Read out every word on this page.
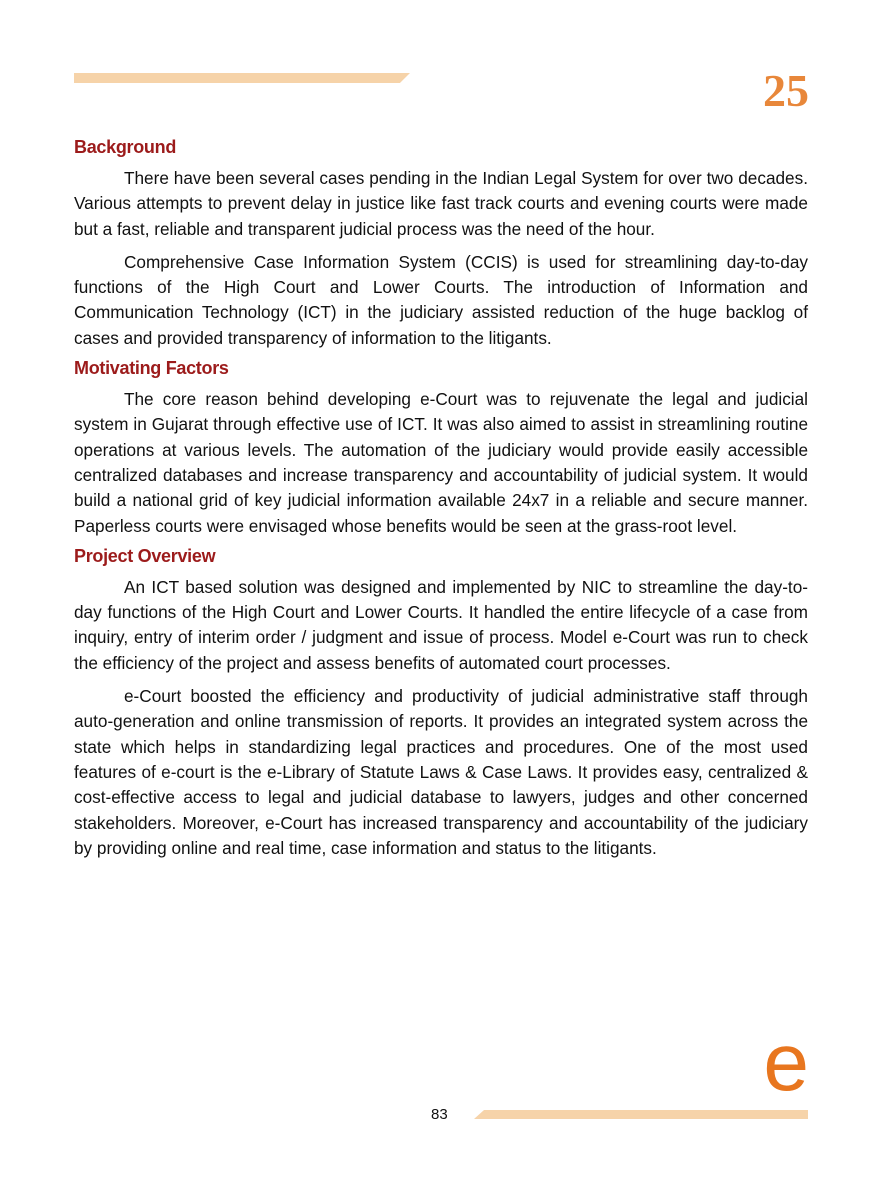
25
Background

There have been several cases pending in the Indian Legal System for over two decades. Various attempts to prevent delay in justice like fast track courts and evening courts were made but a fast, reliable and transparent judicial process was the need of the hour.

Comprehensive Case Information System (CCIS) is used for streamlining day-to-day functions of the High Court and Lower Courts. The introduction of Information and Communication Technology (ICT) in the judiciary assisted reduction of the huge backlog of cases and provided transparency of information to the litigants.

Motivating Factors

The core reason behind developing e-Court was to rejuvenate the legal and judicial system in Gujarat through effective use of ICT. It was also aimed to assist in streamlining routine operations at various levels. The automation of the judiciary would provide easily accessible centralized databases and increase transparency and accountability of judicial system. It would build a national grid of key judicial information available 24x7 in a reliable and secure manner. Paperless courts were envisaged whose benefits would be seen at the grass-root level.

Project Overview

An ICT based solution was designed and implemented by NIC to streamline the day-to-day functions of the High Court and Lower Courts. It handled the entire lifecycle of a case from inquiry, entry of interim order / judgment and issue of process. Model e-Court was run to check the efficiency of the project and assess benefits of automated court processes.

e-Court boosted the efficiency and productivity of judicial administrative staff through auto-generation and online transmission of reports. It provides an integrated system across the state which helps in standardizing legal practices and procedures. One of the most used features of e-court is the e-Library of Statute Laws & Case Laws. It provides easy, centralized & cost-effective access to legal and judicial database to lawyers, judges and other concerned stakeholders. Moreover, e-Court has increased transparency and accountability of the judiciary by providing online and real time, case information and status to the litigants.

e
83
